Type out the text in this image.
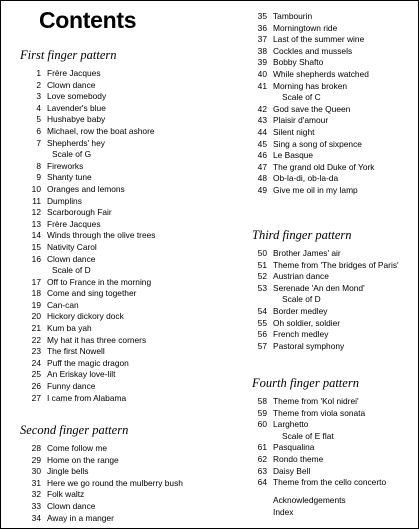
Contents
First finger pattern
1 Frère Jacques
2 Clown dance
3 Love somebody
4 Lavender's blue
5 Hushabye baby
6 Michael, row the boat ashore
7 Shepherds' hey
Scale of G
8 Fireworks
9 Shanty tune
10 Oranges and lemons
11 Dumplins
12 Scarborough Fair
13 Frère Jacques
14 Winds through the olive trees
15 Nativity Carol
16 Clown dance
Scale of D
17 Off to France in the morning
18 Come and sing together
19 Can-can
20 Hickory dickory dock
21 Kum ba yah
22 My hat it has three corners
23 The first Nowell
24 Puff the magic dragon
25 An Eriskay love-lilt
26 Funny dance
27 I came from Alabama
Second finger pattern
28 Come follow me
29 Home on the range
30 Jingle bells
31 Here we go round the mulberry bush
32 Folk waltz
33 Clown dance
34 Away in a manger
35 Tambourin
36 Morningtown ride
37 Last of the summer wine
38 Cockles and mussels
39 Bobby Shafto
40 While shepherds watched
41 Morning has broken
Scale of C
42 God save the Queen
43 Plaisir d'amour
44 Silent night
45 Sing a song of sixpence
46 Le Basque
47 The grand old Duke of York
48 Ob-la-di, ob-la-da
49 Give me oil in my lamp
Third finger pattern
50 Brother James' air
51 Theme from 'The bridges of Paris'
52 Austrian dance
53 Serenade 'An den Mond'
Scale of D
54 Border medley
55 Oh soldier, soldier
56 French medley
57 Pastoral symphony
Fourth finger pattern
58 Theme from 'Kol nidrei'
59 Theme from viola sonata
60 Larghetto
Scale of E flat
61 Pasqualina
62 Rondo theme
63 Daisy Bell
64 Theme from the cello concerto
Acknowledgements
Index
